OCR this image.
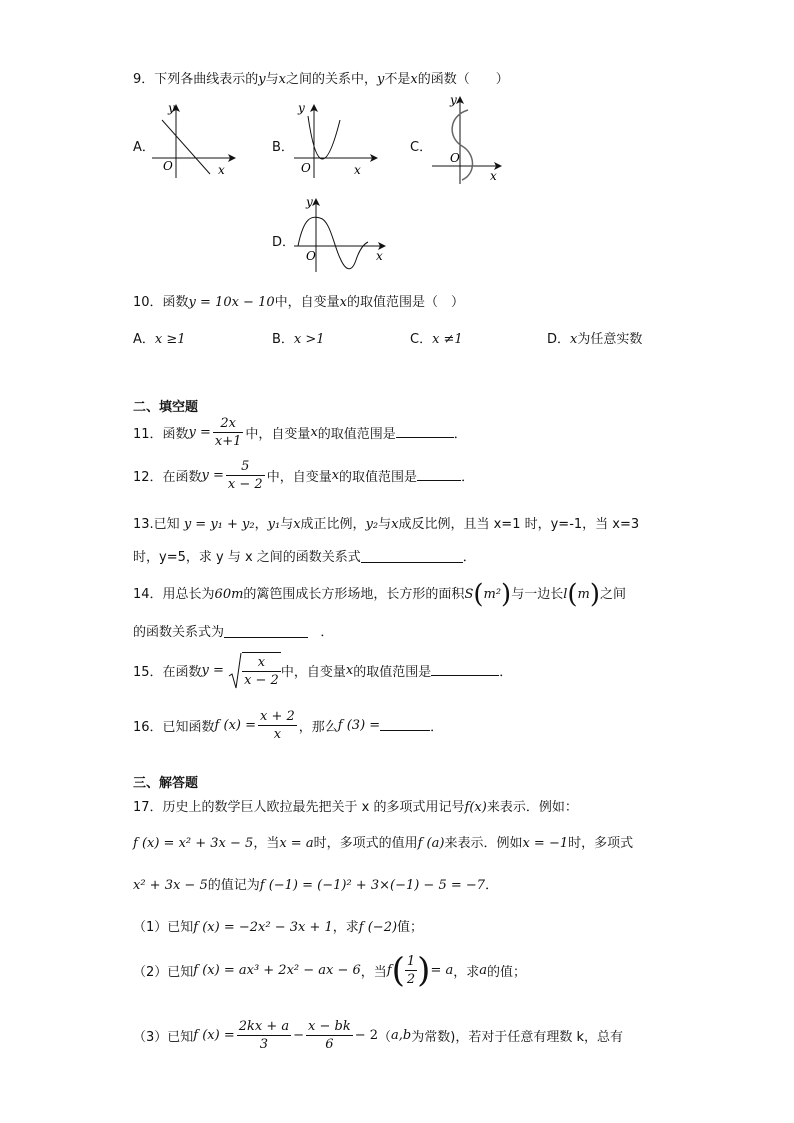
9．下列各曲线表示的y与x之间的关系中，y不是x的函数（　　）
A．
y
x
O
B．
y
x
O
C．
y
x
O
D．
y
x
O
10．函数y = 10x − 10中，自变量x的取值范围是（　）
A．x ≥1	B．x >1	C．x ≠1	D．x为任意实数
二、填空题
11．函数$y = \frac{2x}{x+1}$ 中，自变量x的取值范围是	．
12．在函数$y = \frac{5}{x - 2}$ 中，自变量x的取值范围是	．
13.已知 y = y₁ + y₂，y₁与x成正比例，y₂与x成反比例，且当 x=1 时，y=-1，当 x=3
时，y=5，求 y 与 x 之间的函数关系式	．
14．用总长为60m的篱笆围成长方形场地，长方形的面积S(m²)与一边长l(m)之间
的函数关系式为	．
15．在函数$y = \frac{x}{x - 2}$ 中，自变量x的取值范围是	．
16．已知函数f $(x) = \frac{x + 2}{x}$ ，那么f (3) =	．
三、解答题
17．历史上的数学巨人欧拉最先把关于 x 的多项式用记号f(x)来表示．例如：
f (x) = x² + 3x − 5，当x = a时，多项式的值用f (a)来表示．例如x = −1时，多项式
x² + 3x − 5的值记为f (−1) = (−1)² + 3×(−1) − 5 = −7．
（1）已知f (x) = −2x² − 3x + 1，求f (−2)值；
（2）已知f (x) = ax³ + 2x² − ax − 6，当$f( \frac{1}{2}$ )= a，求a的值；
（3）已知f $(x) = \frac{2kx + a}{3} - \frac{x - bk}{6} - 2(a,b$为常数)，若对于任意有理数 k，总有
